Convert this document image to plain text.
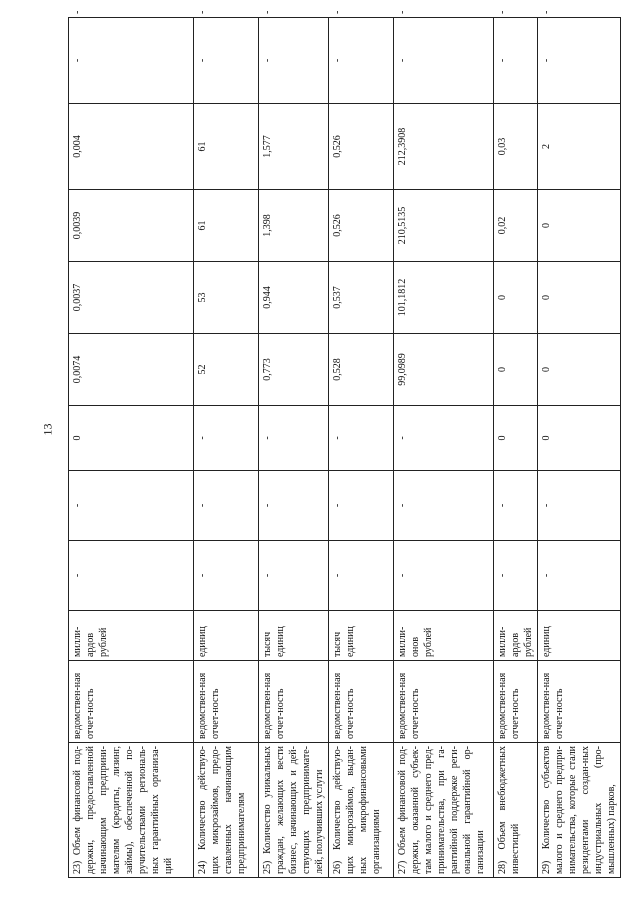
13
23) Объем финансовой под-держки, предоставленной начинающим предприни-мателям (кредиты, лизинг, займы), обеспеченной по-ручительствами региональ-ных гарантийных организа-ций	ведомствен-ная отчет-ность	милли-ардов рублей	-	-	0	0,0074	0,0037	0,0039	0,004	-	-
24) Количество действую-щих микрозаймов, предо-ставленных начинающим предпринимателям	ведомствен-ная отчет-ность	единиц	-	-	-	52	53	61	61	-	-
25) Количество уникальных граждан, желающих вести бизнес, начинающих и дей-ствующих предпринимате-лей, получивших услуги	ведомствен-ная отчет-ность	тысяч единиц	-	-	-	0,773	0,944	1,398	1,577	-	-
26) Количество действую-щих микрозаймов, выдан-ных микрофинансовыми организациями	ведомствен-ная отчет-ность	тысяч единиц	-	-	-	0,528	0,537	0,526	0,526	-	-
27) Объем финансовой под-держки, оказанной субъек-там малого и среднего пред-принимательства, при га-рантийной поддержке реги-ональной гарантийной ор-ганизации	ведомствен-ная отчет-ность	милли-онов рублей	-	-	-	99,0989	101,1812	210,5135	212,3908	-	-
28) Объем внебюджетных инвестиций	ведомствен-ная отчет-ность	милли-ардов рублей	-	-	0	0	0	0,02	0,03	-	-
29) Количество субъектов малого и среднего предпри-нимательства, которые стали резидентами создан-ных индустриальных (про-мышленных) парков,	ведомствен-ная отчет-ность	единиц	-	-	0	0	0	0	2	-	-
